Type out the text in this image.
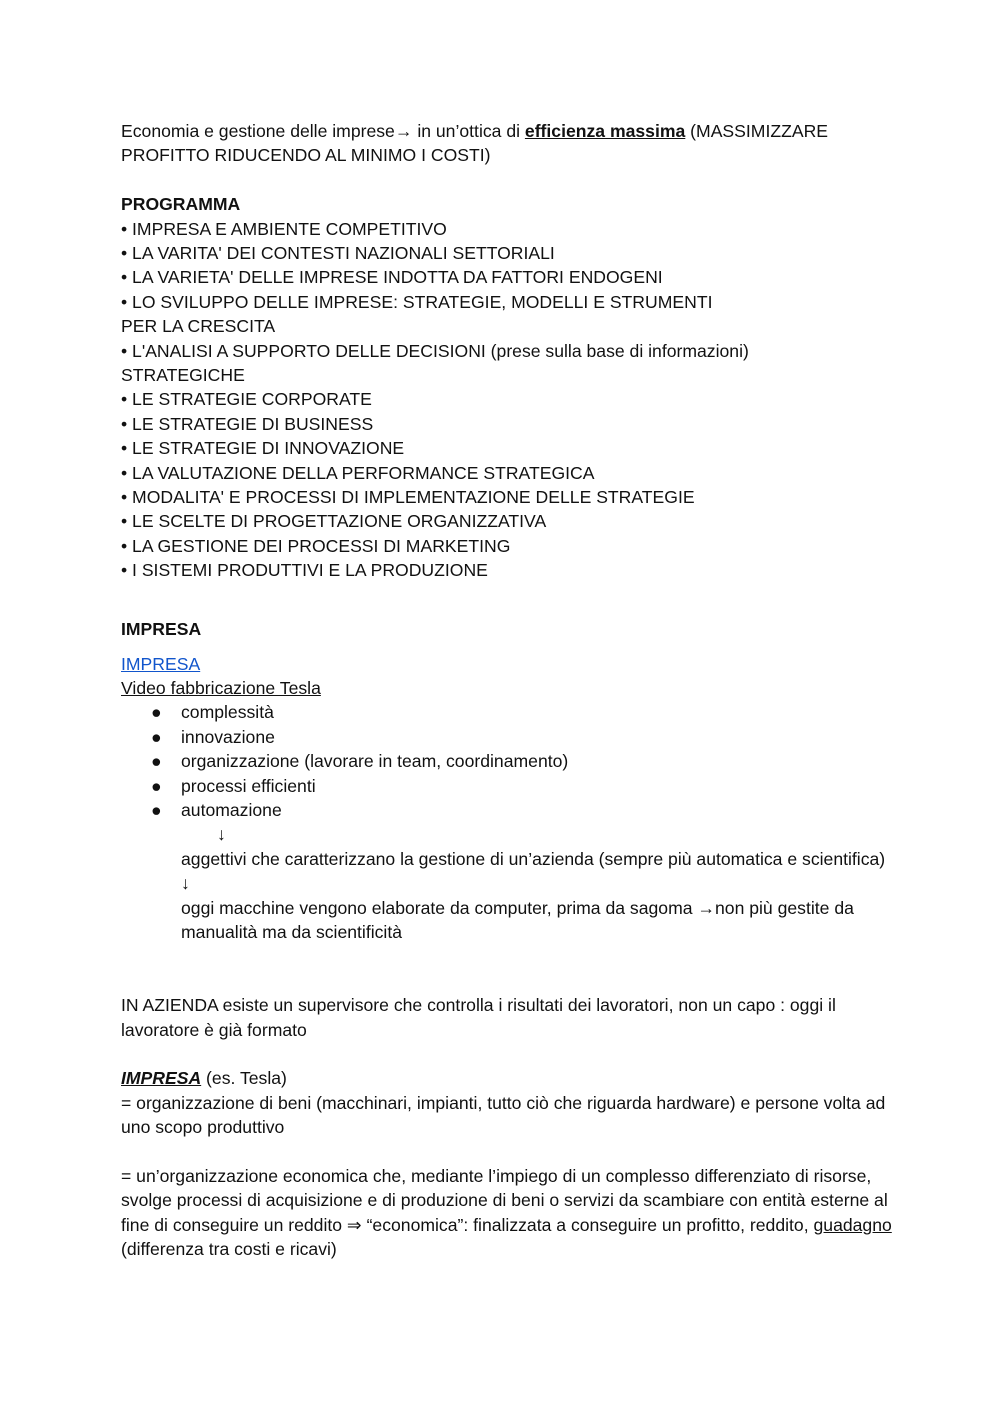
Economia e gestione delle imprese→ in un’ottica di efficienza massima (MASSIMIZZARE PROFITTO RIDUCENDO AL MINIMO I COSTI)

PROGRAMMA

• IMPRESA E AMBIENTE COMPETITIVO

• LA VARITA' DEI CONTESTI NAZIONALI SETTORIALI

• LA VARIETA' DELLE IMPRESE INDOTTA DA FATTORI ENDOGENI

• LO SVILUPPO DELLE IMPRESE: STRATEGIE, MODELLI E STRUMENTI

PER LA CRESCITA

• L'ANALISI A SUPPORTO DELLE DECISIONI (prese sulla base di informazioni)

STRATEGICHE

• LE STRATEGIE CORPORATE

• LE STRATEGIE DI BUSINESS

• LE STRATEGIE DI INNOVAZIONE

• LA VALUTAZIONE DELLA PERFORMANCE STRATEGICA

• MODALITA' E PROCESSI DI IMPLEMENTAZIONE DELLE STRATEGIE

• LE SCELTE DI PROGETTAZIONE ORGANIZZATIVA

• LA GESTIONE DEI PROCESSI DI MARKETING

• I SISTEMI PRODUTTIVI E LA PRODUZIONE

IMPRESA

IMPRESA

Video fabbricazione Tesla

● complessità
● innovazione
● organizzazione (lavorare in team, coordinamento)
● processi efficienti
● automazione

↓

aggettivi che caratterizzano la gestione di un’azienda (sempre più automatica e scientifica)

↓

oggi macchine vengono elaborate da computer, prima da sagoma →non più gestite da manualità ma da scientificità

IN AZIENDA esiste un supervisore che controlla i risultati dei lavoratori, non un capo : oggi il lavoratore è già formato

IMPRESA (es. Tesla)

= organizzazione di beni (macchinari, impianti, tutto ciò che riguarda hardware) e persone volta ad uno scopo produttivo

= un’organizzazione economica che, mediante l’impiego di un complesso differenziato di risorse, svolge processi di acquisizione e di produzione di beni o servizi da scambiare con entità esterne al fine di conseguire un reddito ⇒ “economica”: finalizzata a conseguire un profitto, reddito, guadagno (differenza tra costi e ricavi)
